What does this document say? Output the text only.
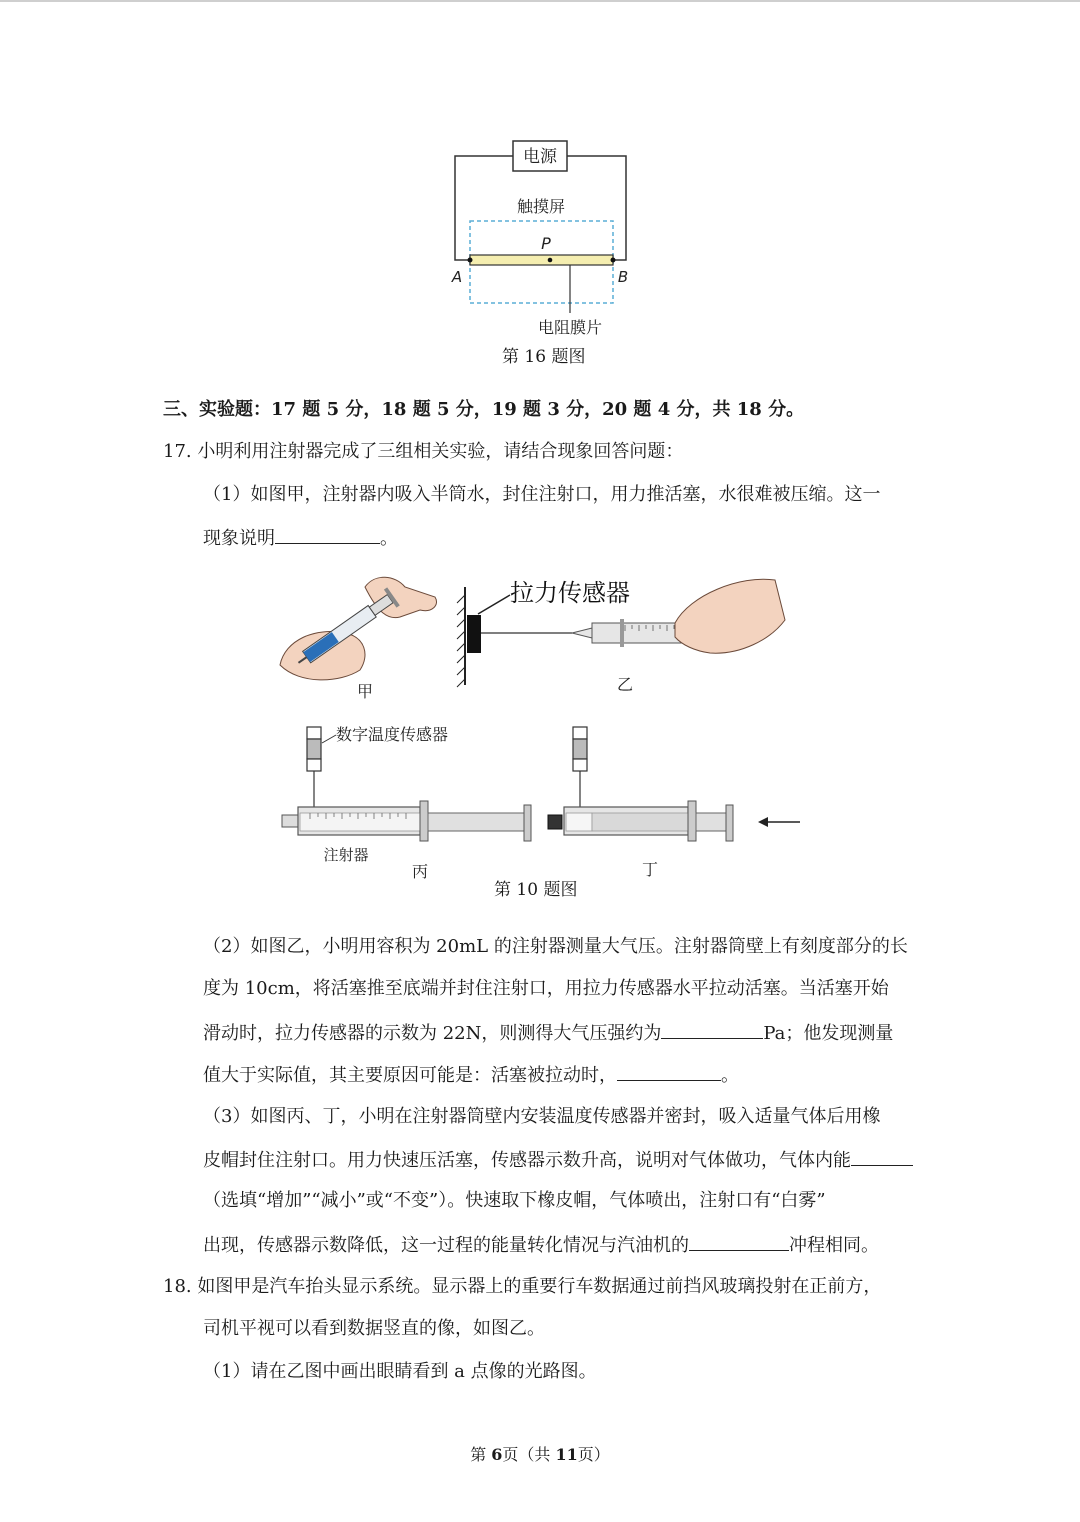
电源
触摸屏
P
A	B
电阻膜片
第 16 题图
三、实验题：17 题 5 分，18 题 5 分，19 题 3 分，20 题 4 分，共 18 分。
17. 小明利用注射器完成了三组相关实验，请结合现象回答问题：
（1）如图甲，注射器内吸入半筒水，封住注射口，用力推活塞，水很难被压缩。这一
现象说明	。
甲
拉力传感器
乙
数字温度传感器
注射器
丙	丁
第 10 题图
（2）如图乙，小明用容积为 20mL 的注射器测量大气压。注射器筒壁上有刻度部分的长
度为 10cm，将活塞推至底端并封住注射口，用拉力传感器水平拉动活塞。当活塞开始
滑动时，拉力传感器的示数为 22N，则测得大气压强约为	Pa；他发现测量
值大于实际值，其主要原因可能是：活塞被拉动时，	。
（3）如图丙、丁，小明在注射器筒壁内安装温度传感器并密封，吸入适量气体后用橡
皮帽封住注射口。用力快速压活塞，传感器示数升高，说明对气体做功，气体内能
（选填“增加”“减小”或“不变”）。快速取下橡皮帽，气体喷出，注射口有“白雾”
出现，传感器示数降低，这一过程的能量转化情况与汽油机的	冲程相同。
18. 如图甲是汽车抬头显示系统。显示器上的重要行车数据通过前挡风玻璃投射在正前方，
司机平视可以看到数据竖直的像，如图乙。
（1）请在乙图中画出眼睛看到 a 点像的光路图。
第 6页（共 11页）
